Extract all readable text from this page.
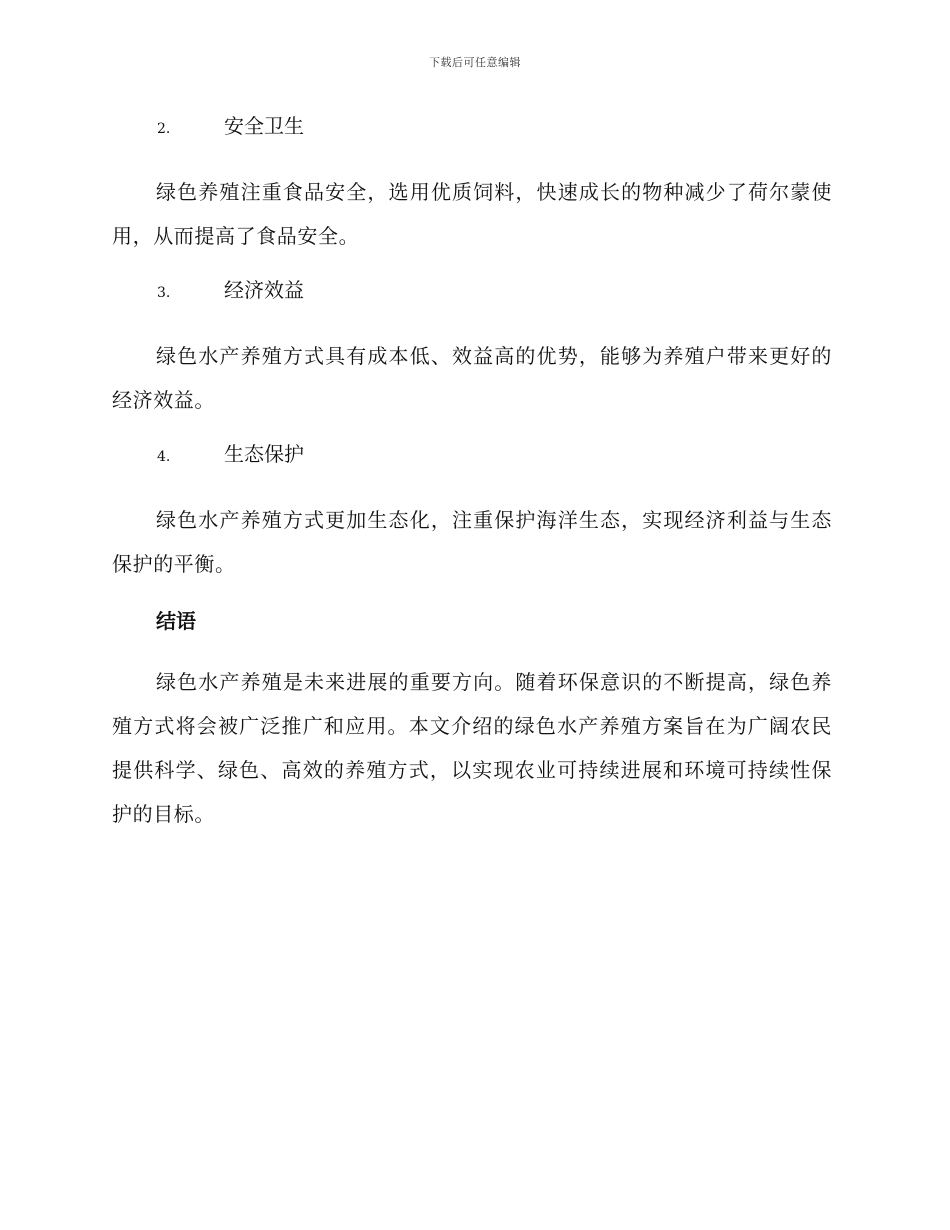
下载后可任意编辑
2.	安全卫生

绿色养殖注重食品安全，选用优质饲料，快速成长的物种减少了荷尔蒙使用，从而提高了食品安全。

3.	经济效益

绿色水产养殖方式具有成本低、效益高的优势，能够为养殖户带来更好的经济效益。

4.	生态保护

绿色水产养殖方式更加生态化，注重保护海洋生态，实现经济利益与生态保护的平衡。

结语

绿色水产养殖是未来进展的重要方向。随着环保意识的不断提高，绿色养殖方式将会被广泛推广和应用。本文介绍的绿色水产养殖方案旨在为广阔农民提供科学、绿色、高效的养殖方式，以实现农业可持续进展和环境可持续性保护的目标。
